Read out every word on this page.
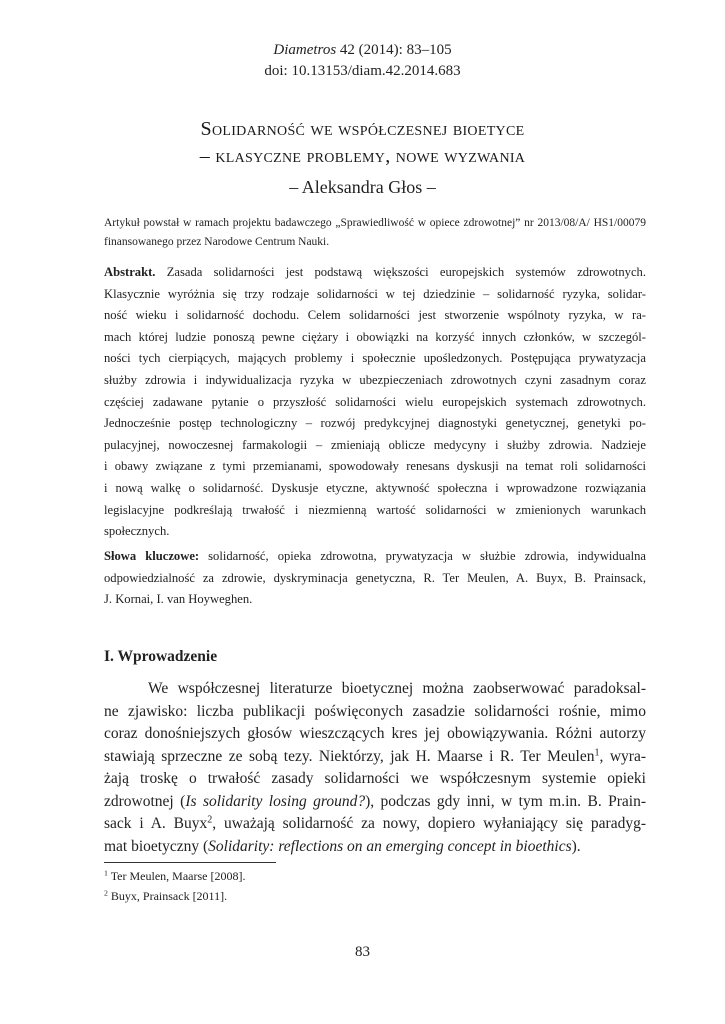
Diametros 42 (2014): 83–105
doi: 10.13153/diam.42.2014.683
Solidarność we współczesnej bioetyce
– klasyczne problemy, nowe wyzwania
– Aleksandra Głos –
Artykuł powstał w ramach projektu badawczego „Sprawiedliwość w opiece zdrowotnej” nr 2013/08/A/ HS1/00079 finansowanego przez Narodowe Centrum Nauki.
Abstrakt. Zasada solidarności jest podstawą większości europejskich systemów zdrowotnych.
Klasycznie wyróżnia się trzy rodzaje solidarności w tej dziedzinie – solidarność ryzyka, solidar-
ność wieku i solidarność dochodu. Celem solidarności jest stworzenie wspólnoty ryzyka, w ra-
mach której ludzie ponoszą pewne ciężary i obowiązki na korzyść innych członków, w szczegól-
ności tych cierpiących, mających problemy i społecznie upośledzonych. Postępująca prywatyzacja
służby zdrowia i indywidualizacja ryzyka w ubezpieczeniach zdrowotnych czyni zasadnym coraz
częściej zadawane pytanie o przyszłość solidarności wielu europejskich systemach zdrowotnych.
Jednocześnie postęp technologiczny – rozwój predykcyjnej diagnostyki genetycznej, genetyki po-
pulacyjnej, nowoczesnej farmakologii – zmieniają oblicze medycyny i służby zdrowia. Nadzieje
i obawy związane z tymi przemianami, spowodowały renesans dyskusji na temat roli solidarności
i nową walkę o solidarność. Dyskusje etyczne, aktywność społeczna i wprowadzone rozwiązania
legislacyjne podkreślają trwałość i niezmienną wartość solidarności w zmienionych warunkach
społecznych.
Słowa kluczowe: solidarność, opieka zdrowotna, prywatyzacja w służbie zdrowia, indywidualna
odpowiedzialność za zdrowie, dyskryminacja genetyczna, R. Ter Meulen, A. Buyx, B. Prainsack,
J. Kornai, I. van Hoyweghen.
I. Wprowadzenie
We współczesnej literaturze bioetycznej można zaobserwować paradoksal-
ne zjawisko: liczba publikacji poświęconych zasadzie solidarności rośnie, mimo
coraz donośniejszych głosów wieszczących kres jej obowiązywania. Różni autorzy
stawiają sprzeczne ze sobą tezy. Niektórzy, jak H. Maarse i R. Ter Meulen$^1$, wyra-
żają troskę o trwałość zasady solidarności we współczesnym systemie opieki
zdrowotnej (Is solidarity losing ground?), podczas gdy inni, w tym m.in. B. Prain-
sack i A. Buyx$^2$, uważają solidarność za nowy, dopiero wyłaniający się paradyg-
mat bioetyczny (Solidarity: reflections on an emerging concept in bioethics).
$^1$ Ter Meulen, Maarse [2008].
$^2$ Buyx, Prainsack [2011].
83
